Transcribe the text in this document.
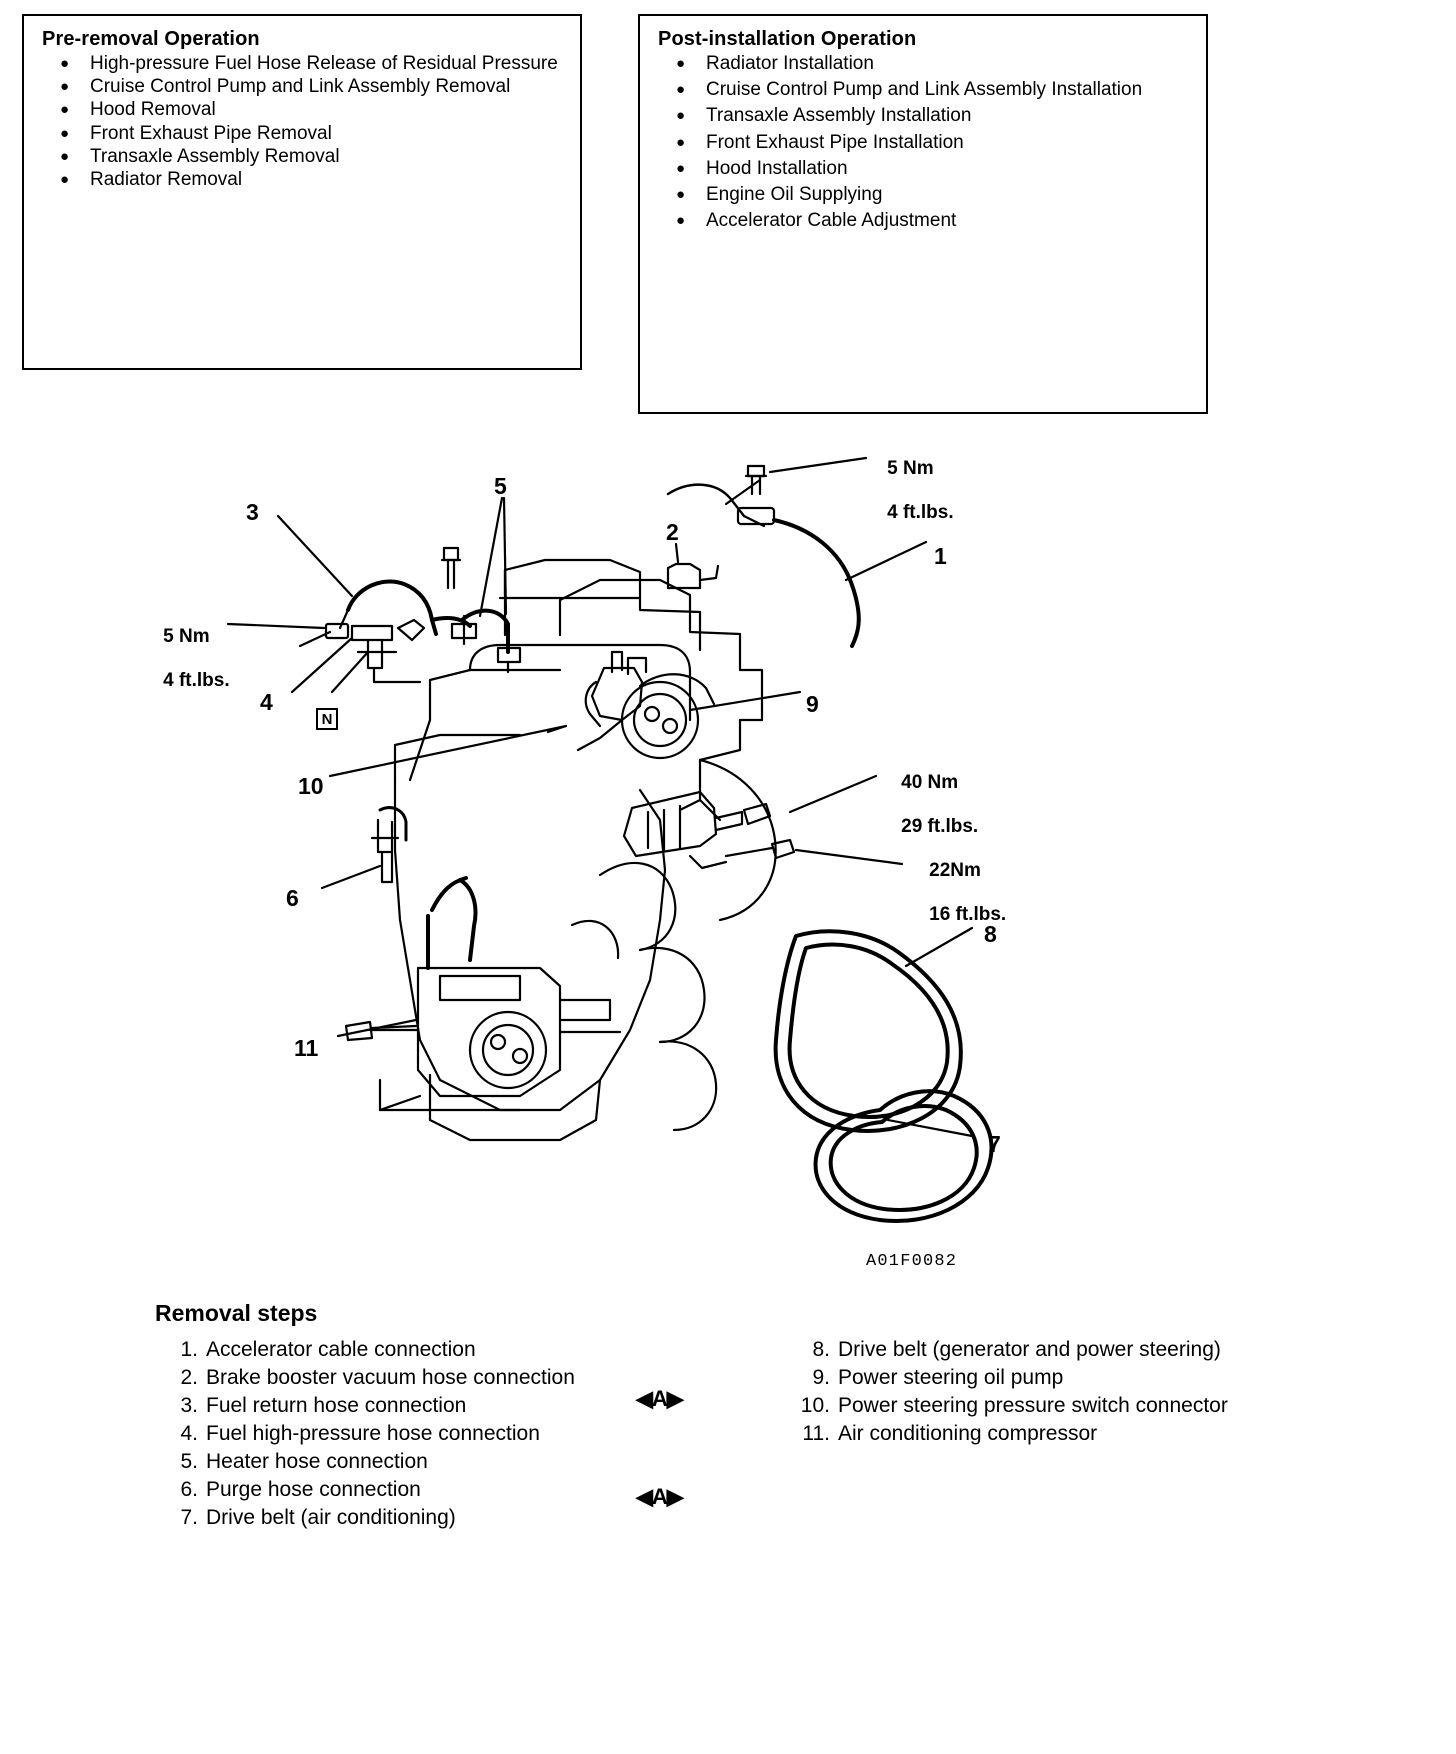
Pre-removal Operation
● High-pressure Fuel Hose Release of Residual Pressure
● Cruise Control Pump and Link Assembly Removal
● Hood Removal
● Front Exhaust Pipe Removal
● Transaxle Assembly Removal
● Radiator Removal
Post-installation Operation
● Radiator Installation
● Cruise Control Pump and Link Assembly Installation
● Transaxle Assembly Installation
● Front Exhaust Pipe Installation
● Hood Installation
● Engine Oil Supplying
● Accelerator Cable Adjustment

5 Nm

4 ft.lbs.

5 Nm

4 ft.lbs.

40 Nm

29 ft.lbs.

22Nm

16 ft.lbs.

1
2
3
4
5
6
7
8
9
10
11
N
A01F0082
Removal steps
1. Accelerator cable connection
2. Brake booster vacuum hose connection
3. Fuel return hose connection
4. Fuel high-pressure hose connection
5. Heater hose connection
6. Purge hose connection
7. Drive belt (air conditioning)
◀A▶
◀A▶
8. Drive belt (generator and power steering)
9. Power steering oil pump
10. Power steering pressure switch connector
11. Air conditioning compressor
